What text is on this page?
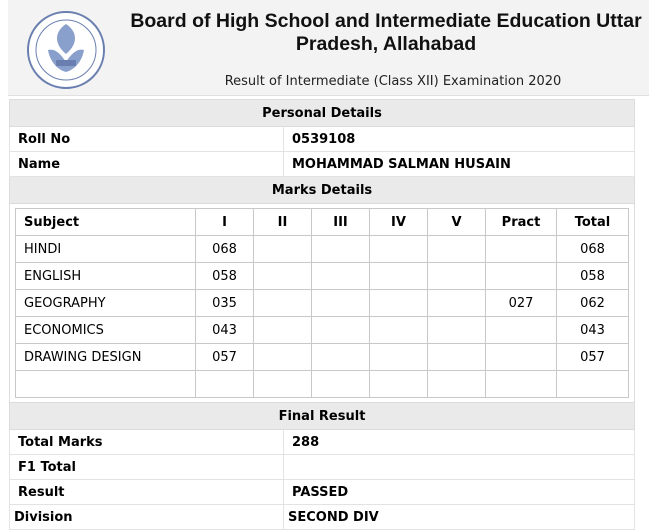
Board of High School and Intermediate Education Uttar Pradesh, Allahabad
Result of Intermediate (Class XII) Examination 2020
Personal Details
Roll No	0539108
Name	MOHAMMAD SALMAN HUSAIN
Marks Details

Subject	I	II	III	IV	V	Pract	Total
HINDI	068						068
ENGLISH	058						058
GEOGRAPHY	035					027	062
ECONOMICS	043						043
DRAWING DESIGN	057						057

Final Result
Total Marks	288
F1 Total	
Result	PASSED
Division	SECOND DIV
